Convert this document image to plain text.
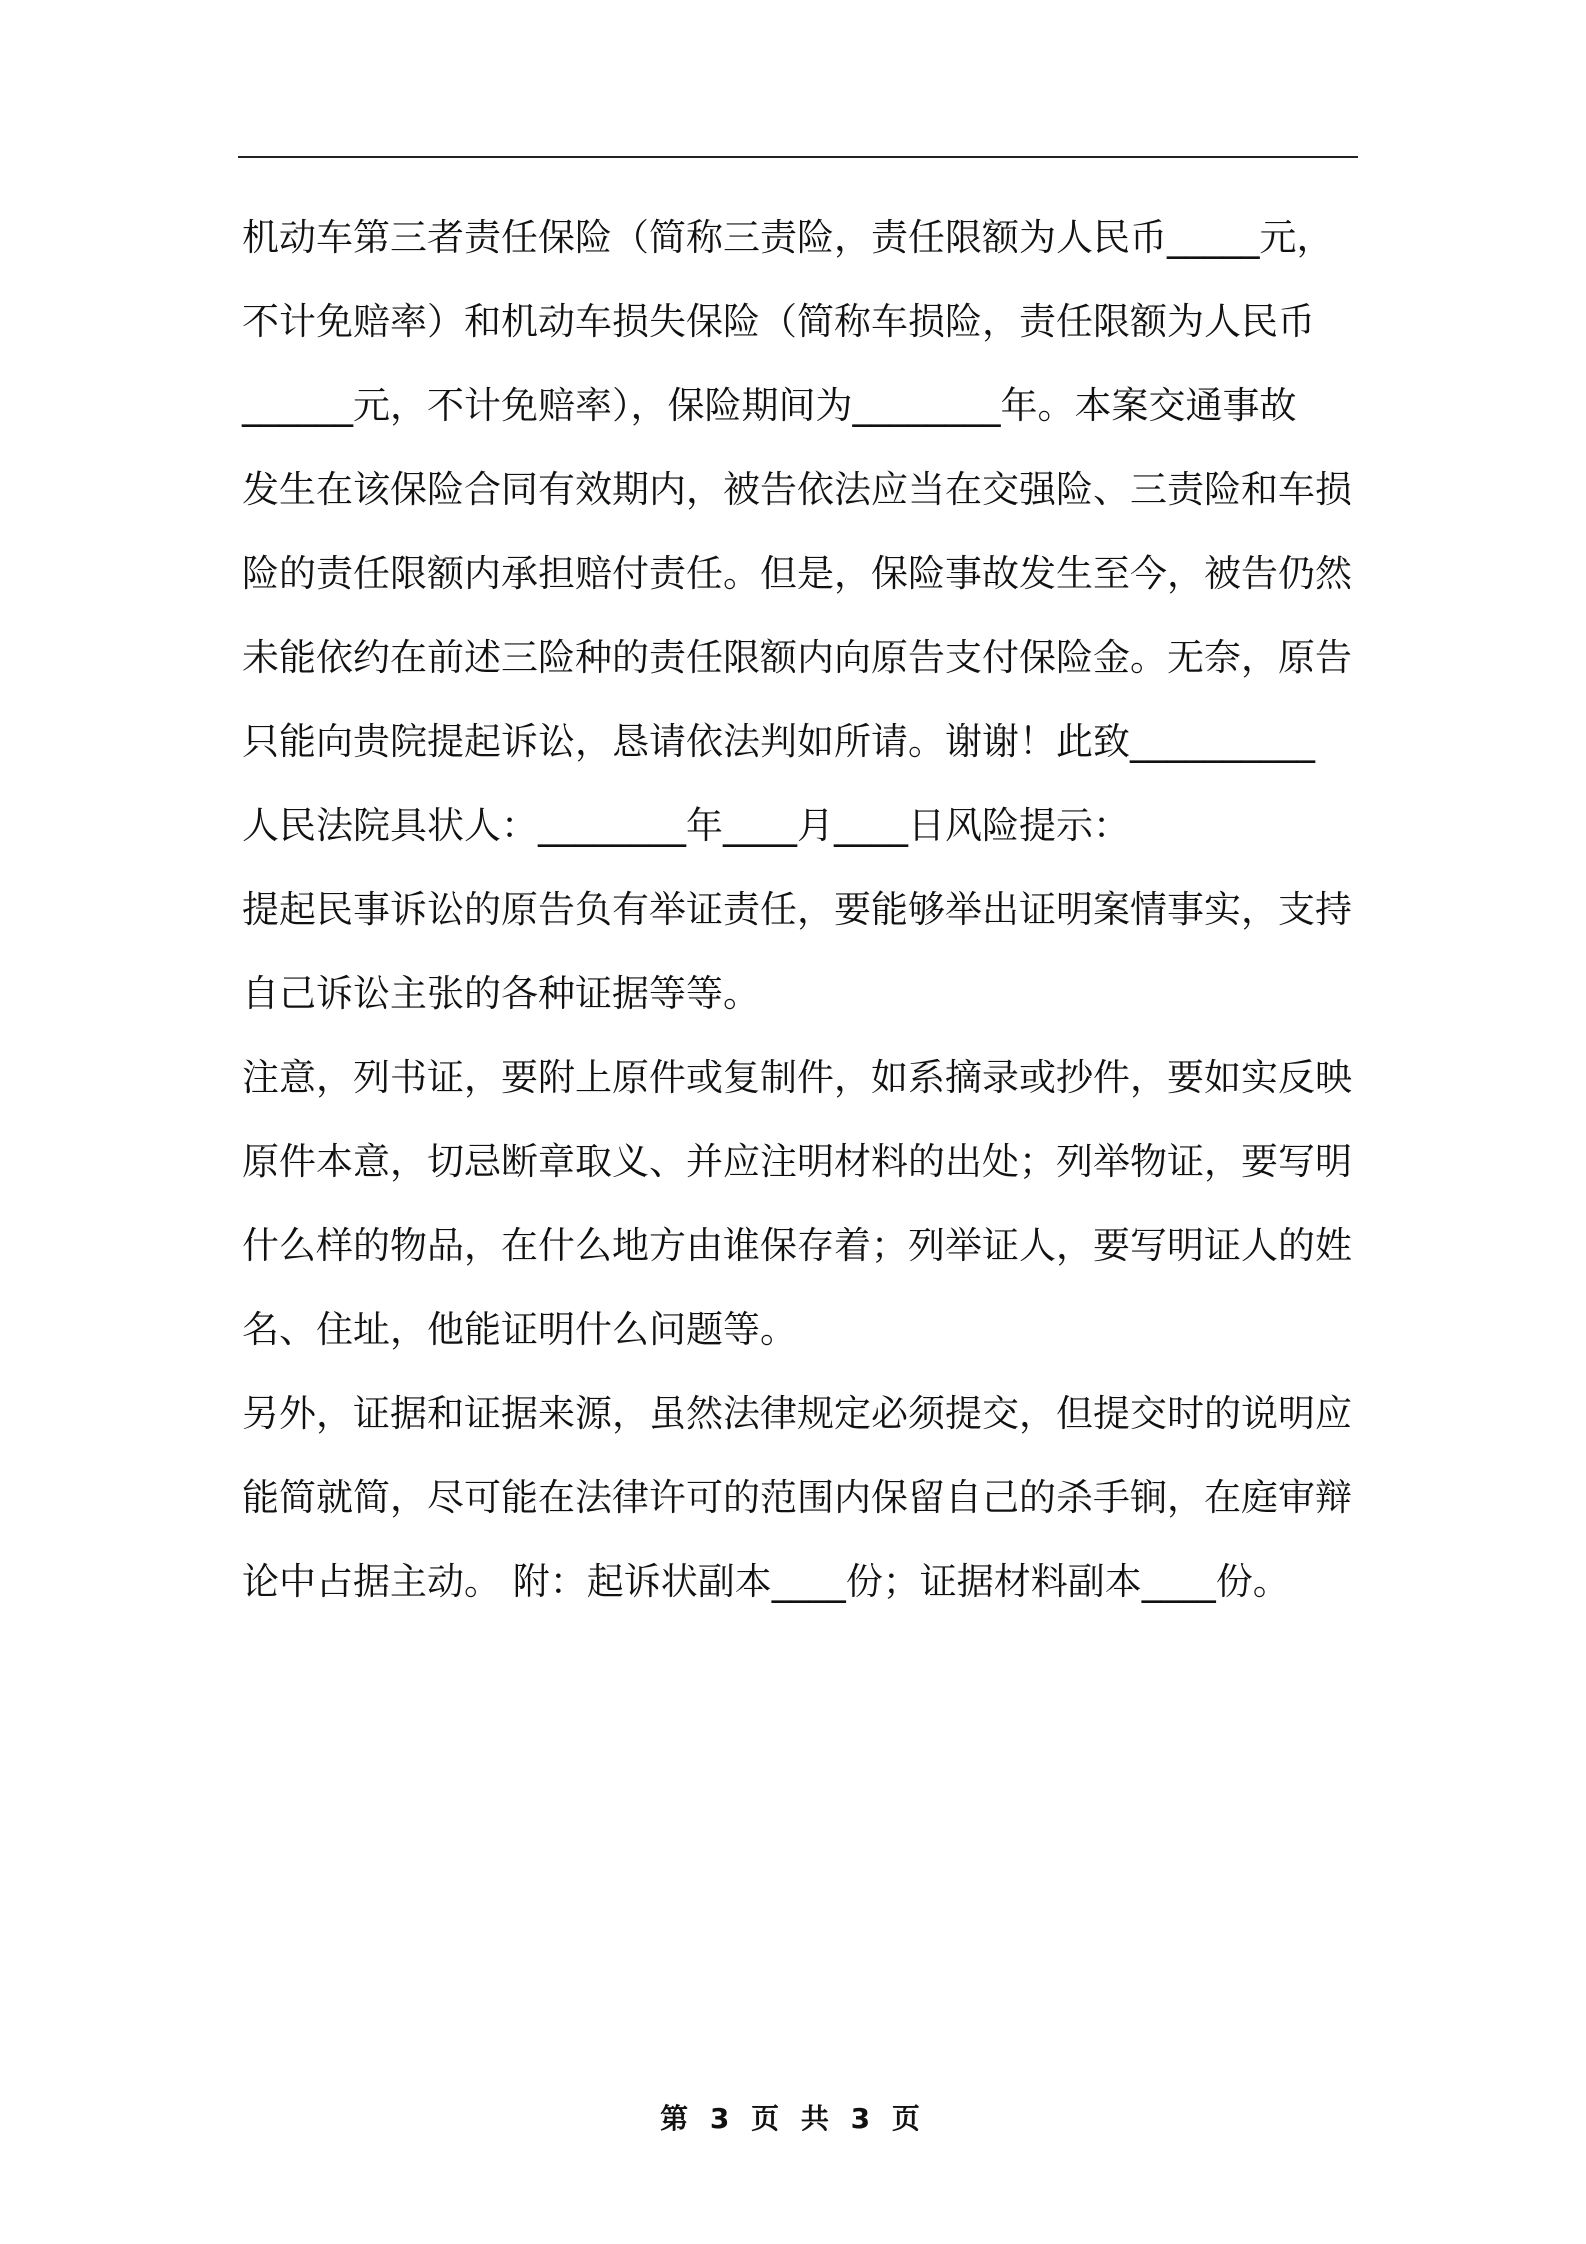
机动车第三者责任保险（简称三责险，责任限额为人民币_____元，
不计免赔率）和机动车损失保险（简称车损险，责任限额为人民币
______元，不计免赔率），保险期间为________年。本案交通事故
发生在该保险合同有效期内，被告依法应当在交强险、三责险和车损
险的责任限额内承担赔付责任。但是，保险事故发生至今，被告仍然
未能依约在前述三险种的责任限额内向原告支付保险金。无奈，原告
只能向贵院提起诉讼，恳请依法判如所请。谢谢！此致__________
人民法院具状人：________年____月____日风险提示：
提起民事诉讼的原告负有举证责任，要能够举出证明案情事实，支持
自己诉讼主张的各种证据等等。
注意，列书证，要附上原件或复制件，如系摘录或抄件，要如实反映
原件本意，切忌断章取义、并应注明材料的出处；列举物证，要写明
什么样的物品，在什么地方由谁保存着；列举证人，要写明证人的姓
名、住址，他能证明什么问题等。
另外，证据和证据来源，虽然法律规定必须提交，但提交时的说明应
能简就简，尽可能在法律许可的范围内保留自己的杀手锏，在庭审辩
论中占据主动。 附：起诉状副本____份；证据材料副本____份。
第 3 页 共 3 页
